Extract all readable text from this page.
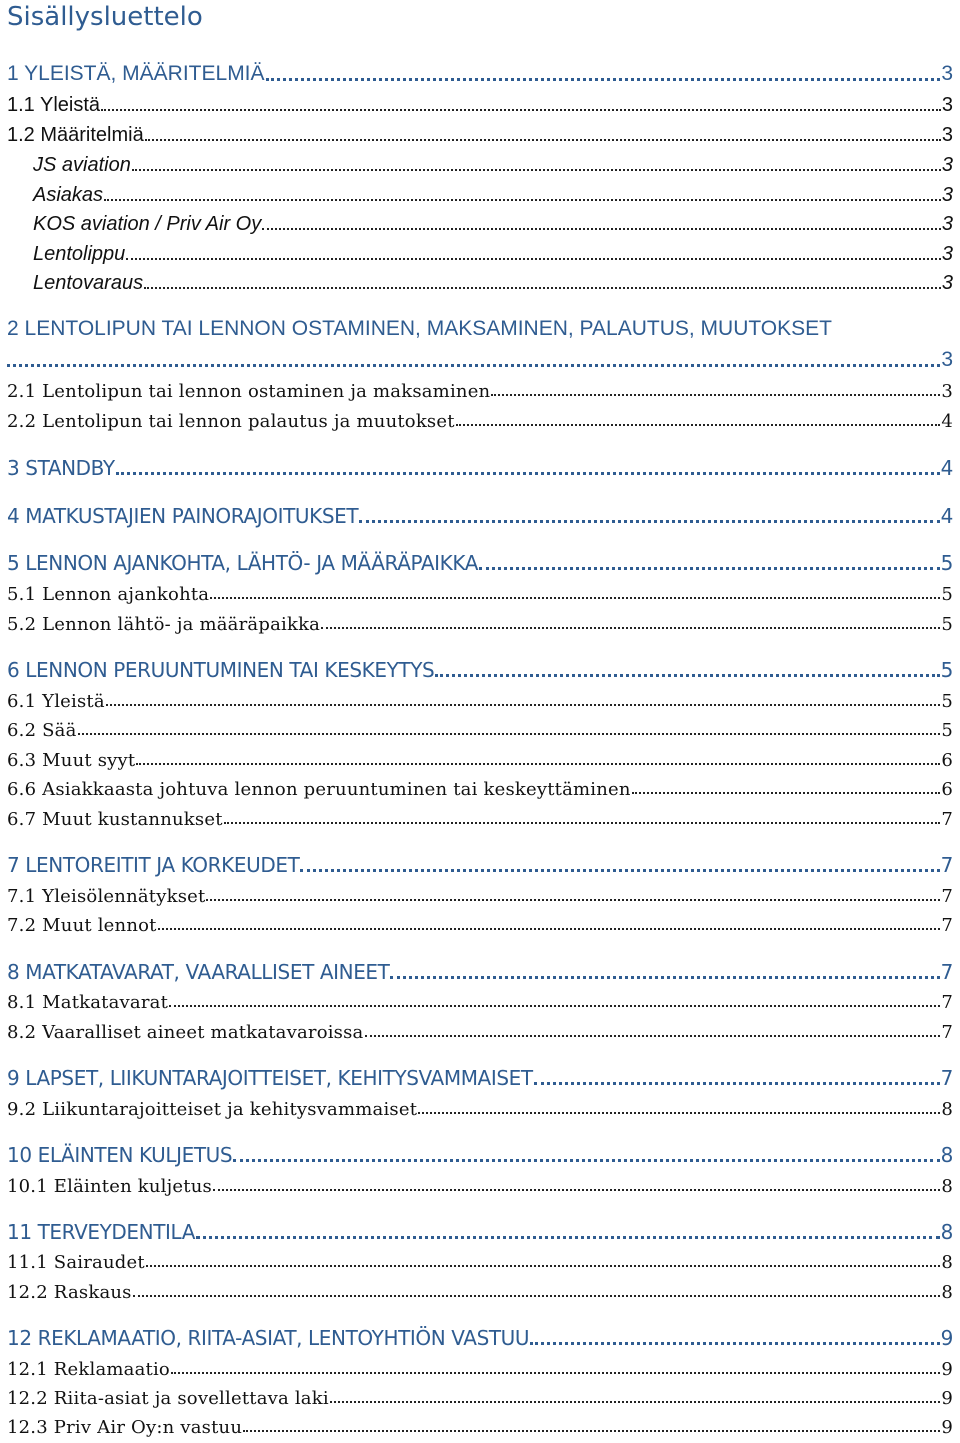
Sisällysluettelo
1 YLEISTÄ, MÄÄRITELMIÄ	3
1.1 Yleistä	3
1.2 Määritelmiä	3
JS aviation	3
Asiakas	3
KOS aviation / Priv Air Oy	3
Lentolippu	3
Lentovaraus	3
2 LENTOLIPUN TAI LENNON OSTAMINEN, MAKSAMINEN, PALAUTUS, MUUTOKSET
3
2.1 Lentolipun tai lennon ostaminen ja maksaminen	3
2.2 Lentolipun tai lennon palautus ja muutokset	4
3 STANDBY	4
4 MATKUSTAJIEN PAINORAJOITUKSET	4
5 LENNON AJANKOHTA, LÄHTÖ- JA MÄÄRÄPAIKKA	5
5.1 Lennon ajankohta	5
5.2 Lennon lähtö- ja määräpaikka	5
6 LENNON PERUUNTUMINEN TAI KESKEYTYS	5
6.1 Yleistä	5
6.2 Sää	5
6.3 Muut syyt	6
6.6 Asiakkaasta johtuva lennon peruuntuminen tai keskeyttäminen	6
6.7 Muut kustannukset	7
7 LENTOREITIT JA KORKEUDET	7
7.1 Yleisölennätykset	7
7.2 Muut lennot	7
8 MATKATAVARAT, VAARALLISET AINEET	7
8.1 Matkatavarat	7
8.2 Vaaralliset aineet matkatavaroissa	7
9 LAPSET, LIIKUNTARAJOITTEISET, KEHITYSVAMMAISET	7
9.2 Liikuntarajoitteiset ja kehitysvammaiset	8
10 ELÄINTEN KULJETUS	8
10.1 Eläinten kuljetus	8
11 TERVEYDENTILA	8
11.1 Sairaudet	8
12.2 Raskaus	8
12 REKLAMAATIO, RIITA-ASIAT, LENTOYHTIÖN VASTUU	9
12.1 Reklamaatio	9
12.2 Riita-asiat ja sovellettava laki	9
12.3 Priv Air Oy:n vastuu	9
